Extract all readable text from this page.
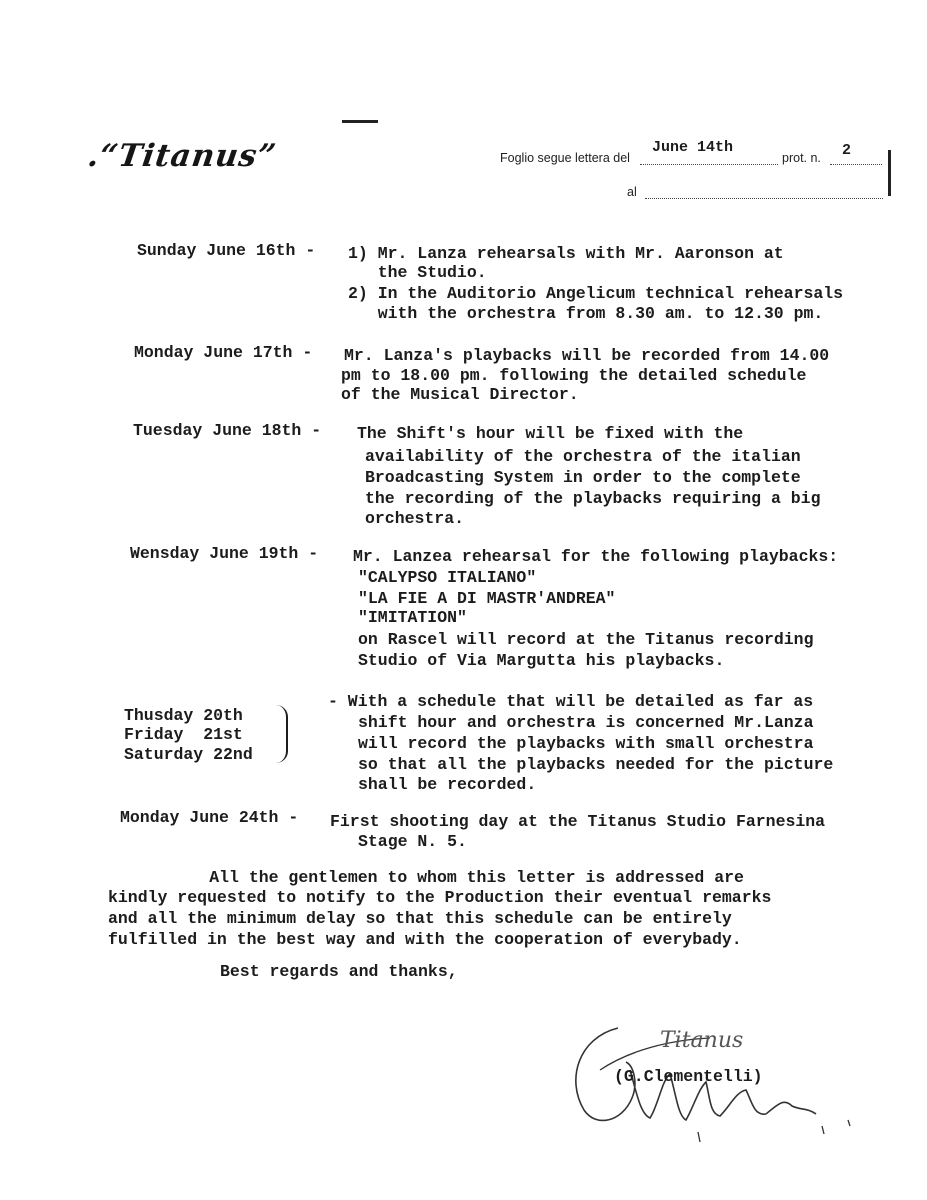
.“Titanus”	Foglio segue lettera del
June 14th
prot. n. 2
al
Sunday June 16th - 1) Mr. Lanza rehearsals with Mr. Aaronson at
the Studio.
2) In the Auditorio Angelicum technical rehearsals
with the orchestra from 8.30 am. to 12.30 pm.
Monday June 17th - Mr. Lanza's playbacks will be recorded from 14.00
pm to 18.00 pm. following the detailed schedule
of the Musical Director.
Tuesday June 18th - The Shift's hour will be fixed with the
availability of the orchestra of the italian
Broadcasting System in order to the complete
the recording of the playbacks requiring a big
orchestra.
Wensday June 19th - Mr. Lanzea rehearsal for the following playbacks:
"CALYPSO ITALIANO"
"LA FIE A DI MASTR'ANDREA"
"IMITATION"
on Rascel will record at the Titanus recording
Studio of Via Margutta his playbacks.
Thusday 20th
Friday  21st
Saturday 22nd
- With a schedule that will be detailed as far as
shift hour and orchestra is concerned Mr.Lanza
will record the playbacks with small orchestra
so that all the playbacks needed for the picture
shall be recorded.
Monday June 24th - First shooting day at the Titanus Studio Farnesina
Stage N. 5.
All the gentlemen to whom this letter is addressed are
kindly requested to notify to the Production their eventual remarks
and all the minimum delay so that this schedule can be entirely
fulfilled in the best way and with the cooperation of everybady.
Best regards and thanks,
Titanus
(G.Clementelli)
